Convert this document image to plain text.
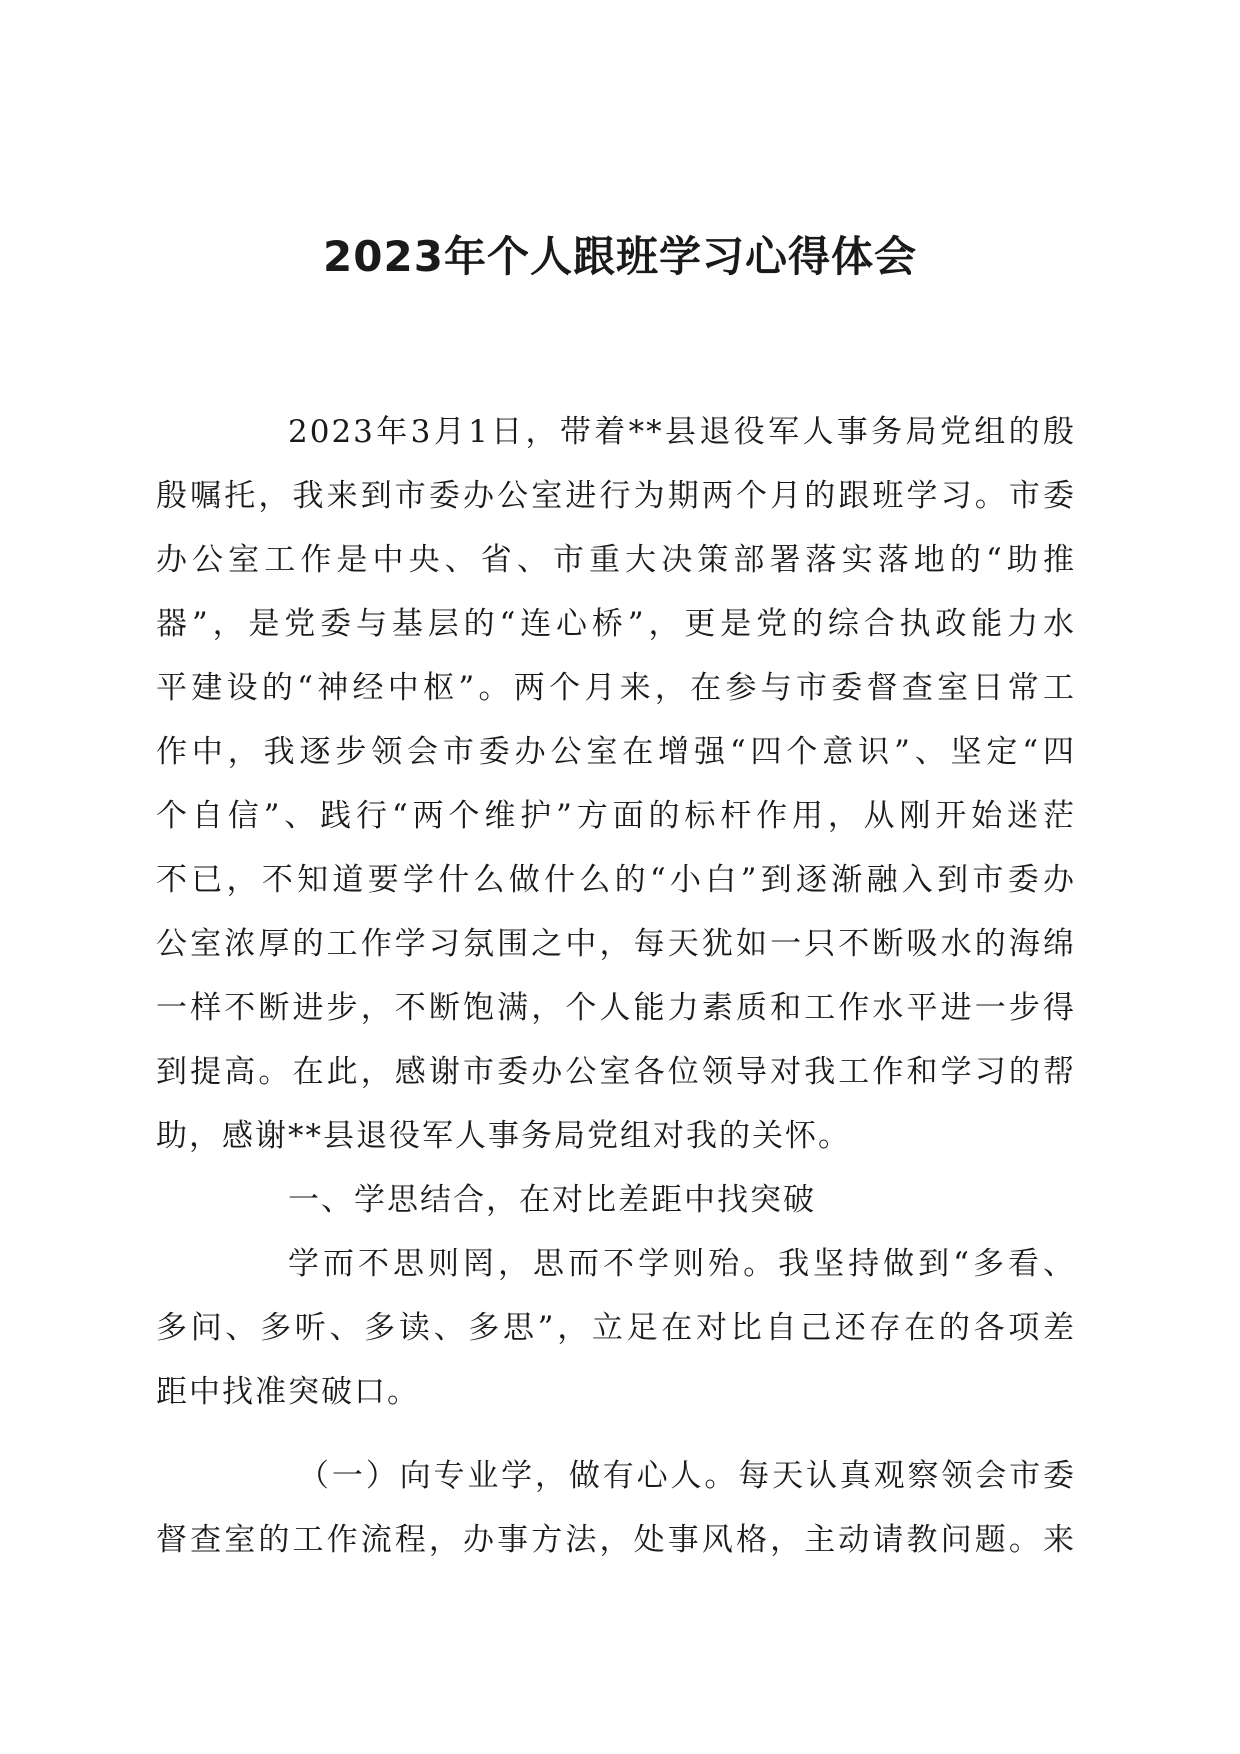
2023年个人跟班学习心得体会
2023年3月1日，带着**县退役军人事务局党组的殷
殷嘱托，我来到市委办公室进行为期两个月的跟班学习。市委
办公室工作是中央、省、市重大决策部署落实落地的“助推
器”，是党委与基层的“连心桥”，更是党的综合执政能力水
平建设的“神经中枢”。两个月来，在参与市委督查室日常工
作中，我逐步领会市委办公室在增强“四个意识”、坚定“四
个自信”、践行“两个维护”方面的标杆作用，从刚开始迷茫
不已，不知道要学什么做什么的“小白”到逐渐融入到市委办
公室浓厚的工作学习氛围之中，每天犹如一只不断吸水的海绵
一样不断进步，不断饱满，个人能力素质和工作水平进一步得
到提高。在此，感谢市委办公室各位领导对我工作和学习的帮
助，感谢**县退役军人事务局党组对我的关怀。
一、学思结合，在对比差距中找突破
学而不思则罔，思而不学则殆。我坚持做到“多看、
多问、多听、多读、多思”，立足在对比自己还存在的各项差
距中找准突破口。
（一）向专业学，做有心人。每天认真观察领会市委
督查室的工作流程，办事方法，处事风格，主动请教问题。来
